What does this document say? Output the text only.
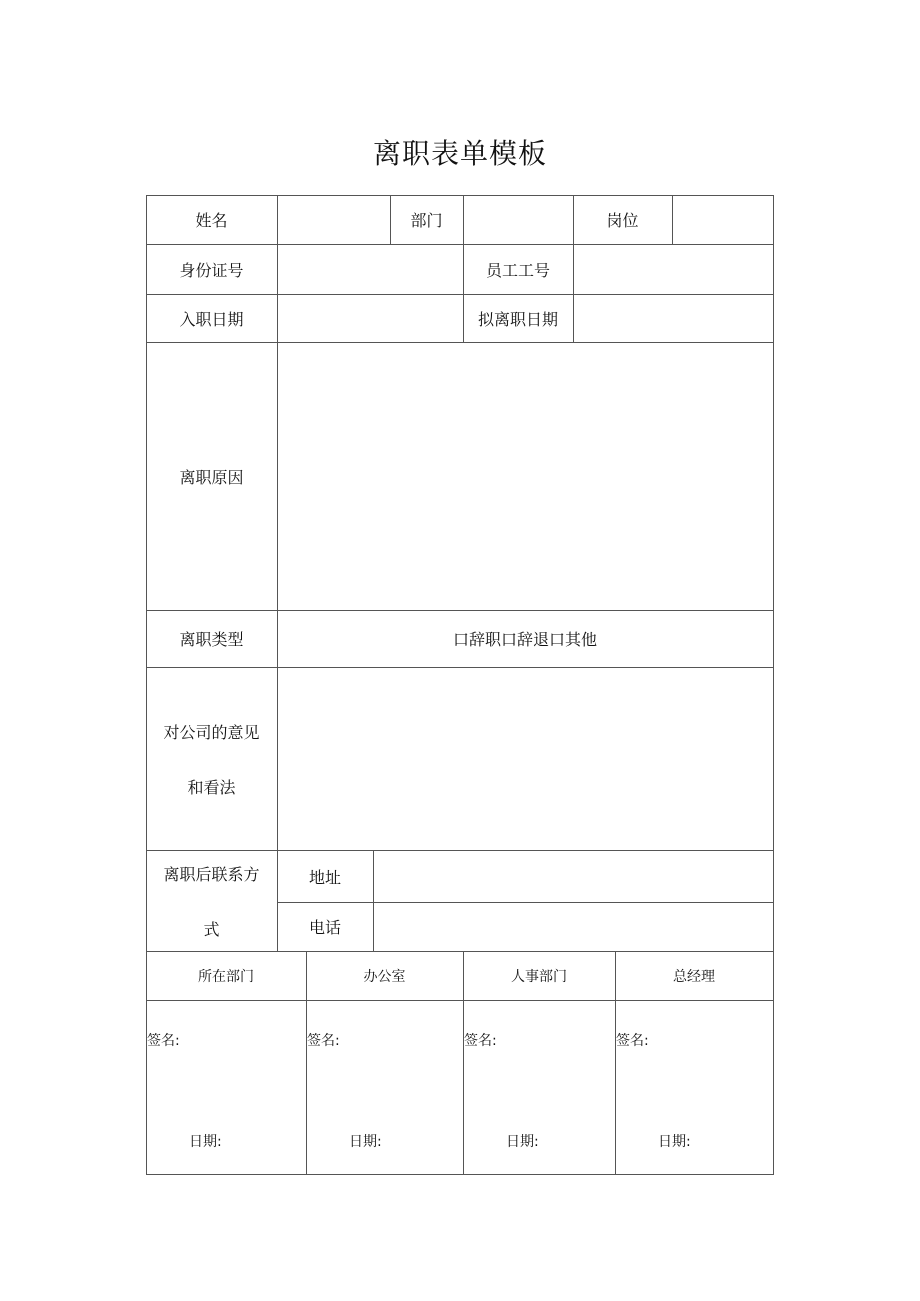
离职表单模板
姓名	部门	岗位
身份证号	员工工号
入职日期	拟离职日期
离职原因
离职类型	口辞职口辞退口其他
对公司的意见
和看法
离职后联系方
式
地址
电话
所在部门	办公室	人事部门	总经理
签名:
日期:
签名:
日期:
签名:
日期:
签名:
日期:
